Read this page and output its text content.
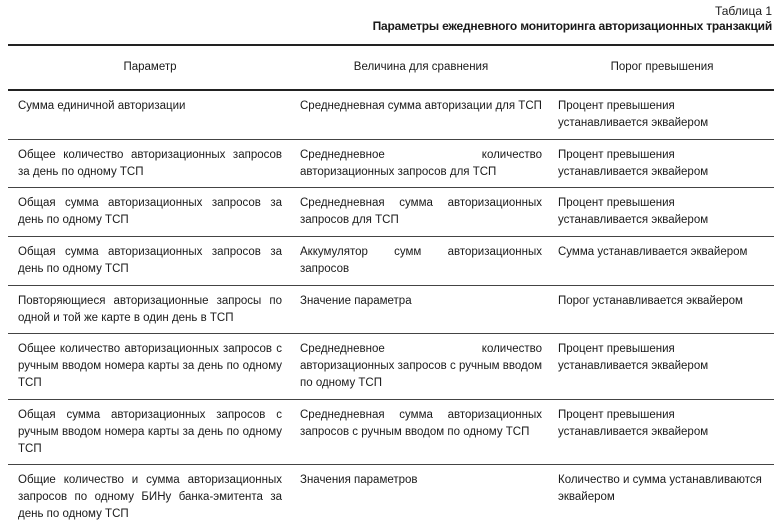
Таблица 1
Параметры ежедневного мониторинга авторизационных транзакций
Параметр	Величина для сравнения	Порог превышения
Сумма единичной авторизации	Среднедневная сумма авторизации для ТСП	Процент превышения устанавливается эквайером
Общее количество авторизационных запросов за день по одному ТСП	Среднедневное количество авторизационных запросов для ТСП	Процент превышения устанавливается эквайером
Общая сумма авторизационных запросов за день по одному ТСП	Среднедневная сумма авторизационных запросов для ТСП	Процент превышения устанавливается эквайером
Общая сумма авторизационных запросов за день по одному ТСП	Аккумулятор сумм авторизационных запросов	Сумма устанавливается эквайером
Повторяющиеся авторизационные запросы по одной и той же карте в один день в ТСП	Значение параметра	Порог устанавливается эквайером
Общее количество авторизационных запросов с ручным вводом номера карты за день по одному ТСП	Среднедневное количество авторизационных запросов с ручным вводом по одному ТСП	Процент превышения устанавливается эквайером
Общая сумма авторизационных запросов с ручным вводом номера карты за день по одному ТСП	Среднедневная сумма авторизационных запросов с ручным вводом по одному ТСП	Процент превышения устанавливается эквайером
Общие количество и сумма авторизационных запросов по одному БИНу банка-эмитента за день по одному ТСП	Значения параметров	Количество и сумма устанавливаются эквайером
